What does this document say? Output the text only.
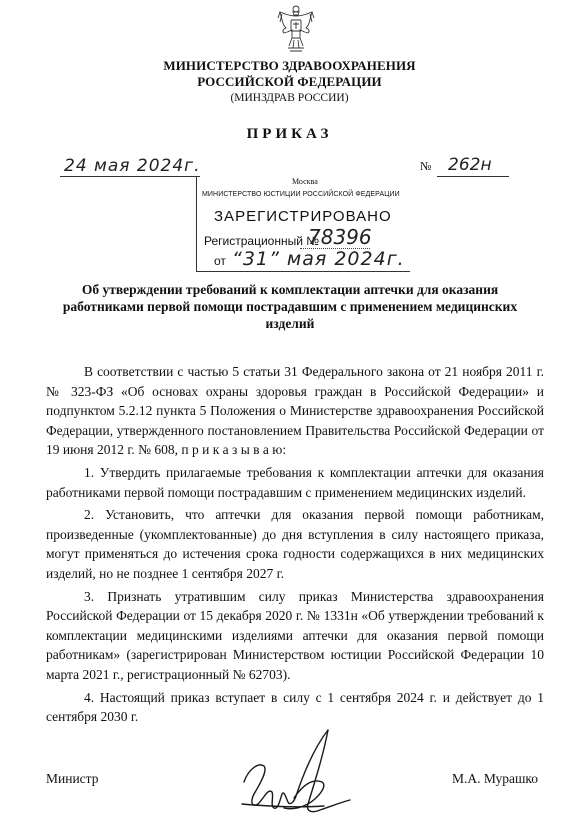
МИНИСТЕРСТВО ЗДРАВООХРАНЕНИЯ
РОССИЙСКОЙ ФЕДЕРАЦИИ
(МИНЗДРАВ РОССИИ)
ПРИКАЗ
24 мая 2024г.	№ 262н
Москва
МИНИСТЕРСТВО ЮСТИЦИИ РОССИЙСКОЙ ФЕДЕРАЦИИ
ЗАРЕГИСТРИРОВАНО
Регистрационный №
78396
от “31” мая 2024г.
Об утверждении требований к комплектации аптечки для оказания работниками первой помощи пострадавшим с применением медицинских изделий

В соответствии с частью 5 статьи 31 Федерального закона от 21 ноября 2011 г. № 323-ФЗ «Об основах охраны здоровья граждан в Российской Федерации» и подпунктом 5.2.12 пункта 5 Положения о Министерстве здравоохранения Российской Федерации, утвержденного постановлением Правительства Российской Федерации от 19 июня 2012 г. № 608, п р и к а з ы в а ю:

1. Утвердить прилагаемые требования к комплектации аптечки для оказания работниками первой помощи пострадавшим с применением медицинских изделий.

2. Установить, что аптечки для оказания первой помощи работникам, произведенные (укомплектованные) до дня вступления в силу настоящего приказа, могут применяться до истечения срока годности содержащихся в них медицинских изделий, но не позднее 1 сентября 2027 г.

3. Признать утратившим силу приказ Министерства здравоохранения Российской Федерации от 15 декабря 2020 г. № 1331н «Об утверждении требований к комплектации медицинскими изделиями аптечки для оказания первой помощи работникам» (зарегистрирован Министерством юстиции Российской Федерации 10 марта 2021 г., регистрационный № 62703).

4. Настоящий приказ вступает в силу с 1 сентября 2024 г. и действует до 1 сентября 2030 г.

Министр	М.А. Мурашко
